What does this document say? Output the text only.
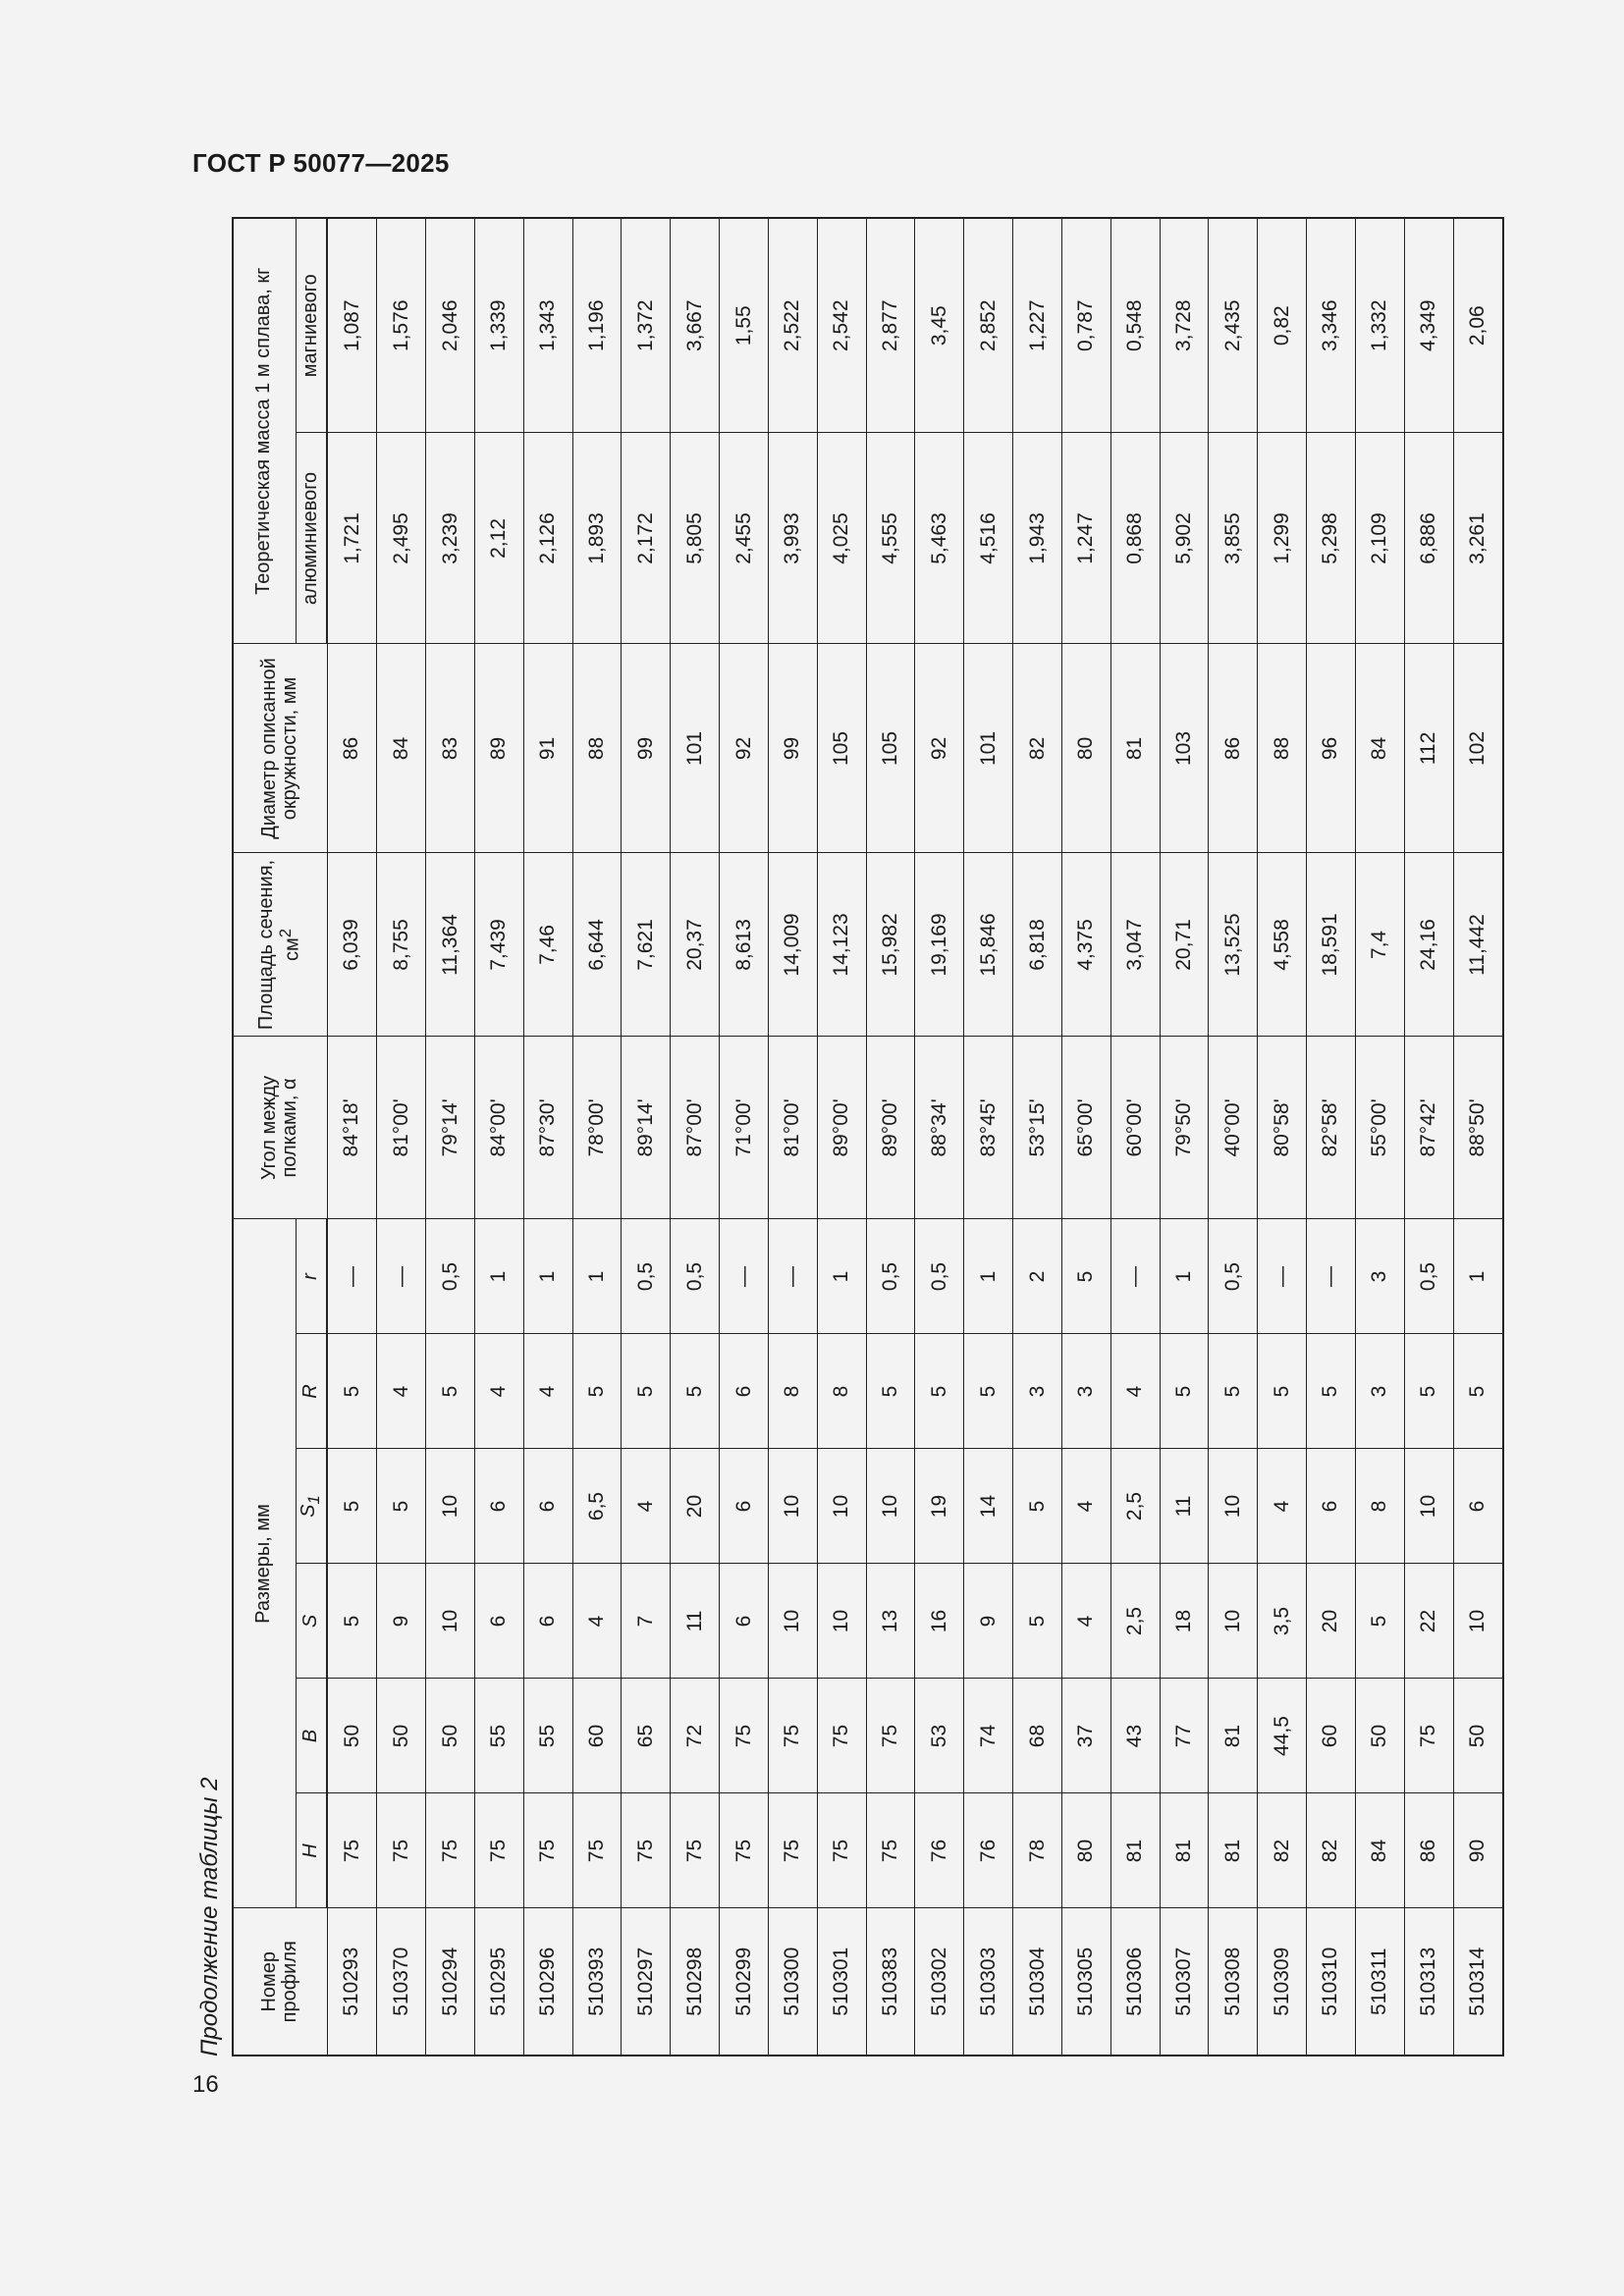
ГОСТ Р 50077—2025
Продолжение таблицы 2
16
Номер профиля	Размеры, мм						Угол между полками, α	Площадь сечения, $см^2$	Диаметр описанной окружности, мм	Теоретическая масса 1 м сплава, кг	
	H	B	S	$S_1$	R	r				алюминиевого	магниевого
510293	75	50	5	5	5	—	84°18'	6,039	86	1,721	1,087
510370	75	50	9	5	4	—	81°00'	8,755	84	2,495	1,576
510294	75	50	10	10	5	0,5	79°14'	11,364	83	3,239	2,046
510295	75	55	6	6	4	1	84°00'	7,439	89	2,12	1,339
510296	75	55	6	6	4	1	87°30'	7,46	91	2,126	1,343
510393	75	60	4	6,5	5	1	78°00'	6,644	88	1,893	1,196
510297	75	65	7	4	5	0,5	89°14'	7,621	99	2,172	1,372
510298	75	72	11	20	5	0,5	87°00'	20,37	101	5,805	3,667
510299	75	75	6	6	6	—	71°00'	8,613	92	2,455	1,55
510300	75	75	10	10	8	—	81°00'	14,009	99	3,993	2,522
510301	75	75	10	10	8	1	89°00'	14,123	105	4,025	2,542
510383	75	75	13	10	5	0,5	89°00'	15,982	105	4,555	2,877
510302	76	53	16	19	5	0,5	88°34'	19,169	92	5,463	3,45
510303	76	74	9	14	5	1	83°45'	15,846	101	4,516	2,852
510304	78	68	5	5	3	2	53°15'	6,818	82	1,943	1,227
510305	80	37	4	4	3	5	65°00'	4,375	80	1,247	0,787
510306	81	43	2,5	2,5	4	—	60°00'	3,047	81	0,868	0,548
510307	81	77	18	11	5	1	79°50'	20,71	103	5,902	3,728
510308	81	81	10	10	5	0,5	40°00'	13,525	86	3,855	2,435
510309	82	44,5	3,5	4	5	—	80°58'	4,558	88	1,299	0,82
510310	82	60	20	6	5	—	82°58'	18,591	96	5,298	3,346
510311	84	50	5	8	3	3	55°00'	7,4	84	2,109	1,332
510313	86	75	22	10	5	0,5	87°42'	24,16	112	6,886	4,349
510314	90	50	10	6	5	1	88°50'	11,442	102	3,261	2,06
